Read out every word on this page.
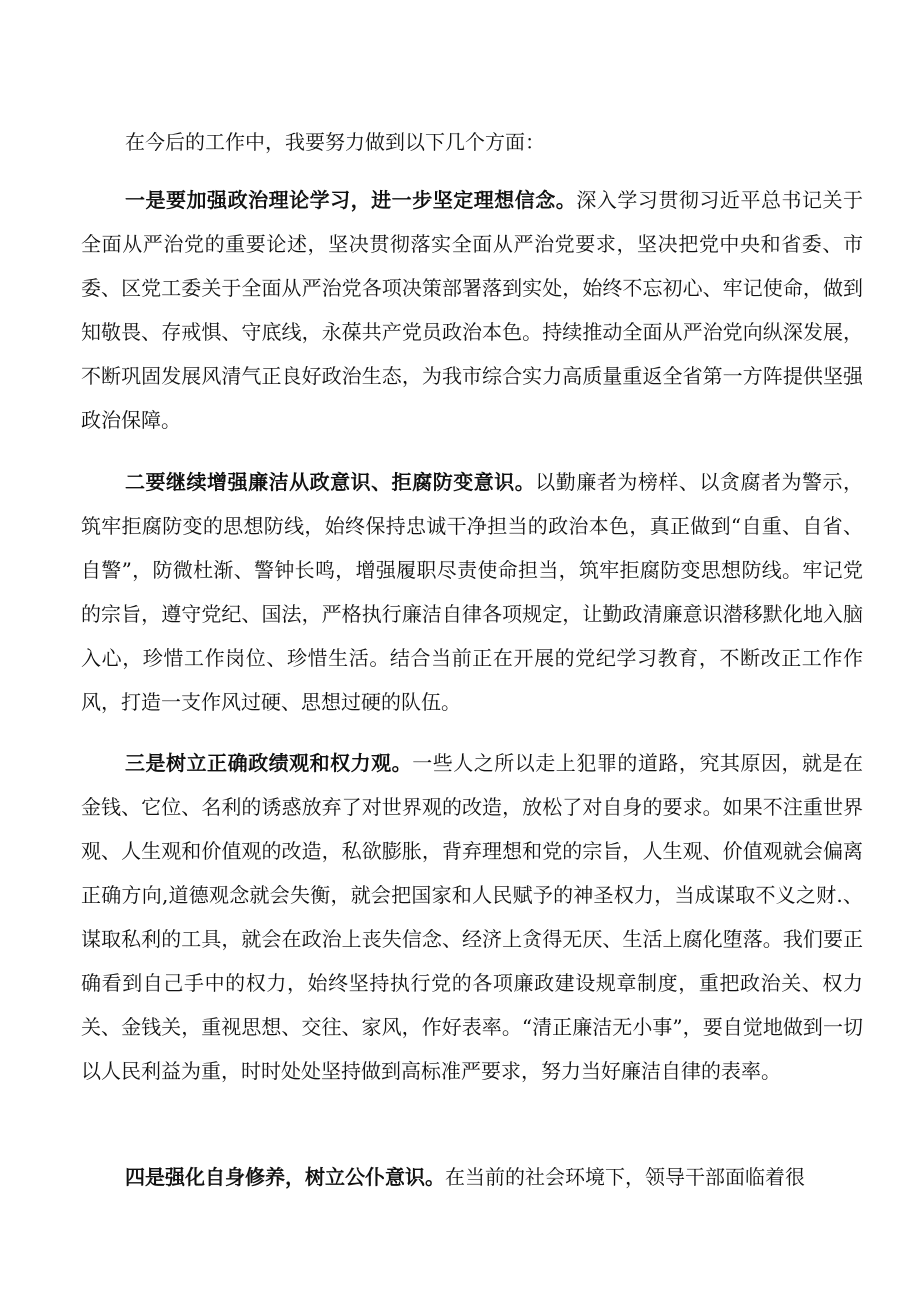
在今后的工作中，我要努力做到以下几个方面：

一是要加强政治理论学习，进一步坚定理想信念。深入学习贯彻习近平总书记关于全面从严治党的重要论述，坚决贯彻落实全面从严治党要求，坚决把党中央和省委、市委、区党工委关于全面从严治党各项决策部署落到实处，始终不忘初心、牢记使命，做到知敬畏、存戒惧、守底线，永葆共产党员政治本色。持续推动全面从严治党向纵深发展，不断巩固发展风清气正良好政治生态，为我市综合实力高质量重返全省第一方阵提供坚强政治保障。

二要继续增强廉洁从政意识、拒腐防变意识。以勤廉者为榜样、以贪腐者为警示，筑牢拒腐防变的思想防线，始终保持忠诚干净担当的政治本色，真正做到“自重、自省、自警”，防微杜渐、警钟长鸣，增强履职尽责使命担当，筑牢拒腐防变思想防线。牢记党的宗旨，遵守党纪、国法，严格执行廉洁自律各项规定，让勤政清廉意识潜移默化地入脑入心，珍惜工作岗位、珍惜生活。结合当前正在开展的党纪学习教育，不断改正工作作风，打造一支作风过硬、思想过硬的队伍。

三是树立正确政绩观和权力观。一些人之所以走上犯罪的道路，究其原因，就是在金钱、它位、名利的诱惑放弃了对世界观的改造，放松了对自身的要求。如果不注重世界观、人生观和价值观的改造，私欲膨胀，背弃理想和党的宗旨，人生观、价值观就会偏离正确方向,道德观念就会失衡，就会把国家和人民赋予的神圣权力，当成谋取不义之财.、谋取私利的工具，就会在政治上丧失信念、经济上贪得无厌、生活上腐化堕落。我们要正确看到自己手中的权力，始终坚持执行党的各项廉政建设规章制度，重把政治关、权力关、金钱关，重视思想、交往、家风，作好表率。“清正廉洁无小事”，要自觉地做到一切以人民利益为重，时时处处坚持做到高标准严要求，努力当好廉洁自律的表率。

四是强化自身修养，树立公仆意识。在当前的社会环境下，领导干部面临着很
